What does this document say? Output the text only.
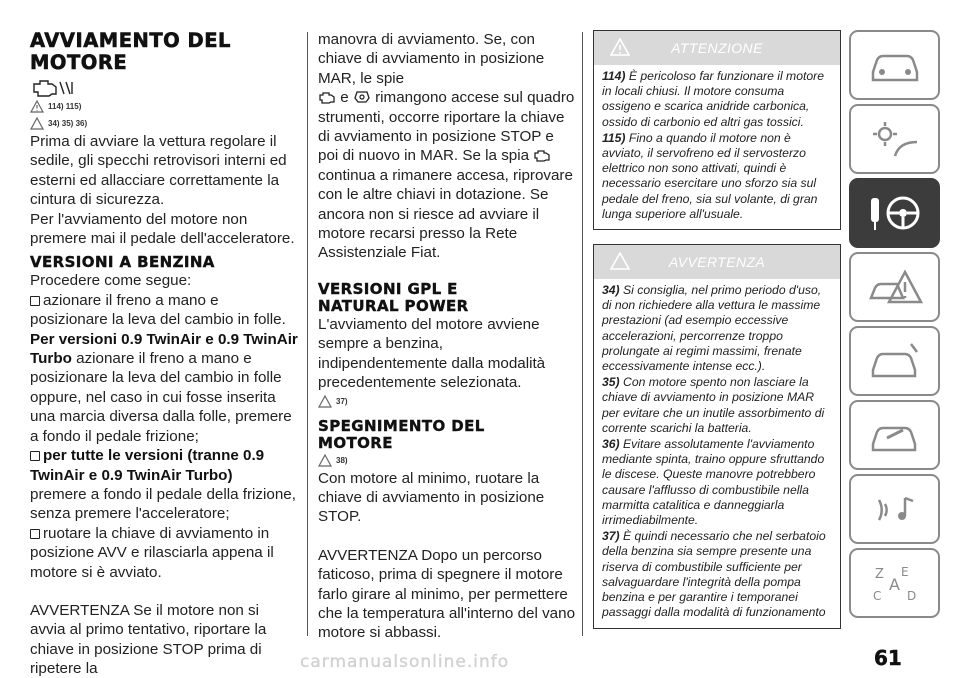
AVVIAMENTO DEL
MOTORE
114) 115)
34) 35) 36)

Prima di avviare la vettura regolare il sedile, gli specchi retrovisori interni ed esterni ed allacciare correttamente la cintura di sicurezza.

Per l'avviamento del motore non premere mai il pedale dell'acceleratore.

VERSIONI A BENZINA

Procedere come segue:

azionare il freno a mano e posizionare la leva del cambio in folle.

Per versioni 0.9 TwinAir e 0.9 TwinAir Turbo azionare il freno a mano e posizionare la leva del cambio in folle oppure, nel caso in cui fosse inserita una marcia diversa dalla folle, premere a fondo il pedale frizione;

per tutte le versioni (tranne 0.9 TwinAir e 0.9 TwinAir Turbo)
premere a fondo il pedale della frizione, senza premere l'acceleratore;

ruotare la chiave di avviamento in posizione AVV e rilasciarla appena il motore si è avviato.

AVVERTENZA Se il motore non si avvia al primo tentativo, riportare la chiave in posizione STOP prima di ripetere la

manovra di avviamento. Se, con chiave di avviamento in posizione MAR, le spie
e  rimangono accese sul quadro strumenti, occorre riportare la chiave di avviamento in posizione STOP e poi di nuovo in MAR. Se la spia  continua a rimanere accesa, riprovare con le altre chiavi in dotazione. Se ancora non si riesce ad avviare il motore recarsi presso la Rete Assistenziale Fiat.

VERSIONI GPL E
NATURAL POWER

L'avviamento del motore avviene sempre a benzina, indipendentemente dalla modalità precedentemente selezionata.

37)
SPEGNIMENTO DEL
MOTORE
38)

Con motore al minimo, ruotare la chiave di avviamento in posizione STOP.

AVVERTENZA Dopo un percorso faticoso, prima di spegnere il motore farlo girare al minimo, per permettere che la temperatura all'interno del vano motore si abbassi.

ATTENZIONE

114) È pericoloso far funzionare il motore in locali chiusi. Il motore consuma ossigeno e scarica anidride carbonica, ossido di carbonio ed altri gas tossici.

115) Fino a quando il motore non è avviato, il servofreno ed il servosterzo elettrico non sono attivati, quindi è necessario esercitare uno sforzo sia sul pedale del freno, sia sul volante, di gran lunga superiore all'usuale.

AVVERTENZA

34) Si consiglia, nel primo periodo d'uso, di non richiedere alla vettura le massime prestazioni (ad esempio eccessive accelerazioni, percorrenze troppo prolungate ai regimi massimi, frenate eccessivamente intense ecc.).

35) Con motore spento non lasciare la chiave di avviamento in posizione MAR per evitare che un inutile assorbimento di corrente scarichi la batteria.

36) Evitare assolutamente l'avviamento mediante spinta, traino oppure sfruttando le discese. Queste manovre potrebbero causare l'afflusso di combustibile nella marmitta catalitica e danneggiarla irrimediabilmente.

37) È quindi necessario che nel serbatoio della benzina sia sempre presente una riserva di combustibile sufficiente per salvaguardare l'integrità della pompa benzina e per garantire i temporanei passaggi dalla modalità di funzionamento

Z E
A
C D
61
carmanualsonline.info
